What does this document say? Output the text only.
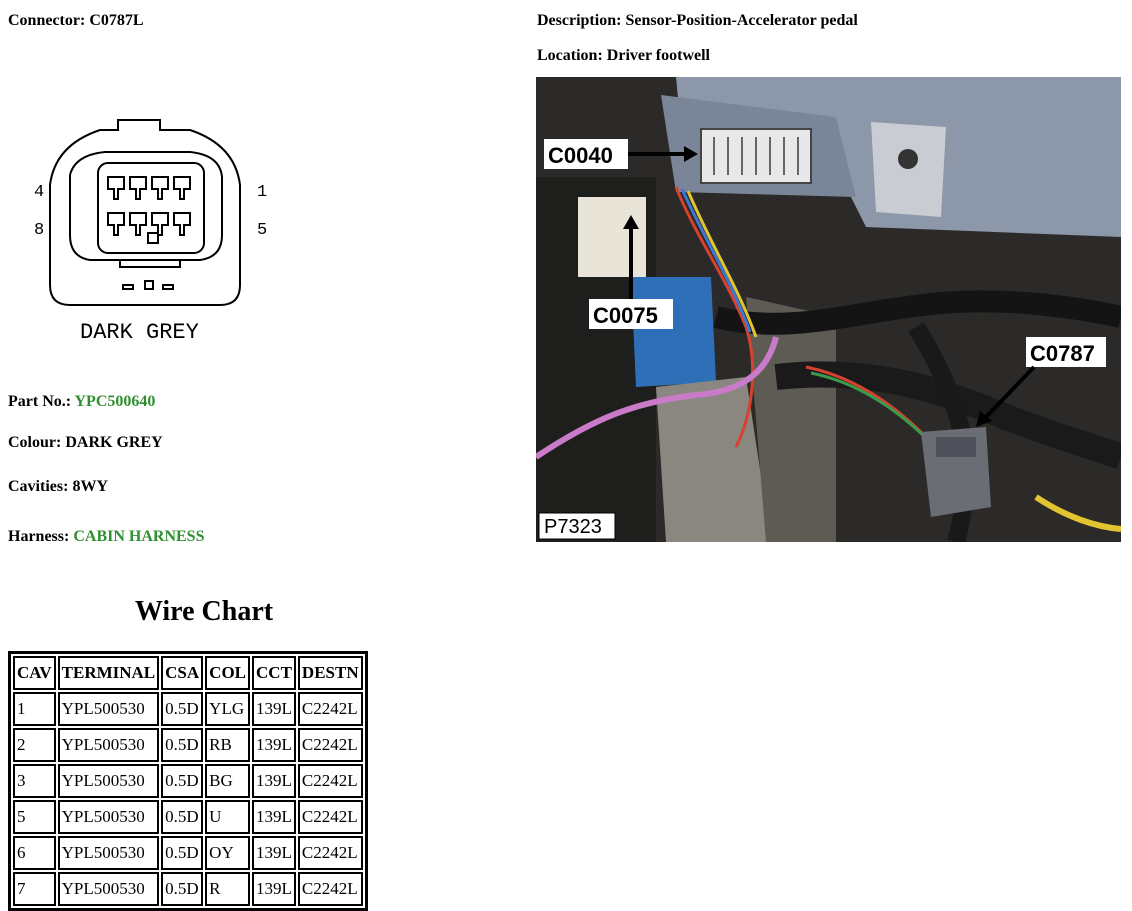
Connector: C0787L	Description: Sensor-Position-Accelerator pedal
Location: Driver footwell
4
8
1
5
DARK GREY
Part No.: YPC500640
Colour: DARK GREY
Cavities: 8WY
Harness: CABIN HARNESS
C0040
C0075
C0787
P7323
Wire Chart
CAV	TERMINAL	CSA	COL	CCT	DESTN
1	YPL500530	0.5D	YLG	139L	C2242L
2	YPL500530	0.5D	RB	139L	C2242L
3	YPL500530	0.5D	BG	139L	C2242L
5	YPL500530	0.5D	U	139L	C2242L
6	YPL500530	0.5D	OY	139L	C2242L
7	YPL500530	0.5D	R	139L	C2242L
